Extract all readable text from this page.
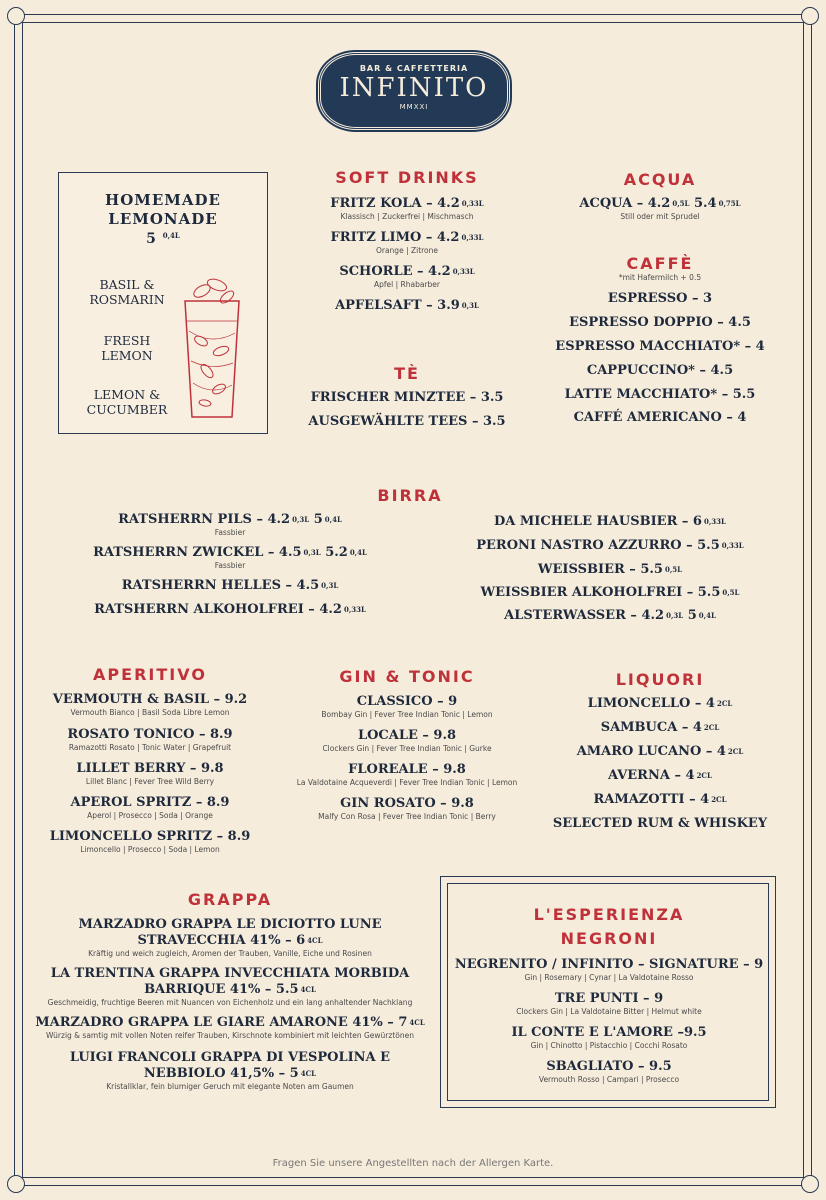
BAR & CAFFETTERIA
INFINITO
MMXXI
HOMEMADE
LEMONADE
5 $^{0,4L}$
BASIL &
ROSMARIN
FRESH
LEMON
LEMON &
CUCUMBER
SOFT DRINKS
FRITZ KOLA – 4.2 $^{0,33L}$
Klassisch | Zuckerfrei | Mischmasch
FRITZ LIMO – 4.2 $^{0,33L}$
Orange | Zitrone
SCHORLE – 4.2 $^{0,33L}$
Apfel | Rhabarber
APFELSAFT – 3.9 $^{0,3L}$
TÈ
FRISCHER MINZTEE – 3.5
AUSGEWÄHLTE TEES – 3.5
ACQUA
ACQUA – 4.2 $^{0,5L}$ 5.4 $^{0,75L}$
Still oder mit Sprudel
CAFFÈ
*mit Hafermilch + 0.5
ESPRESSO – 3
ESPRESSO DOPPIO – 4.5
ESPRESSO MACCHIATO* – 4
CAPPUCCINO* – 4.5
LATTE MACCHIATO* – 5.5
CAFFÉ AMERICANO – 4
BIRRA
RATSHERRN PILS – 4.2 $^{0,3L}$ 5 $^{0,4L}$
Fassbier
RATSHERRN ZWICKEL – 4.5 $^{0,3L}$ 5.2 $^{0,4L}$
Fassbier
RATSHERRN HELLES – 4.5 $^{0,3L}$
RATSHERRN ALKOHOLFREI – 4.2 $^{0,33L}$
DA MICHELE HAUSBIER – 6 $^{0,33L}$
PERONI NASTRO AZZURRO – 5.5 $^{0,33L}$
WEISSBIER – 5.5 $^{0,5L}$
WEISSBIER ALKOHOLFREI – 5.5 $^{0,5L}$
ALSTERWASSER – 4.2 $^{0,3L}$ 5 $^{0,4L}$
APERITIVO
VERMOUTH & BASIL – 9.2
Vermouth Bianco | Basil Soda Libre Lemon
ROSATO TONICO – 8.9
Ramazotti Rosato | Tonic Water | Grapefruit
LILLET BERRY – 9.8
Lillet Blanc | Fever Tree Wild Berry
APEROL SPRITZ – 8.9
Aperol | Prosecco | Soda | Orange
LIMONCELLO SPRITZ – 8.9
Limoncello | Prosecco | Soda | Lemon
GIN & TONIC
CLASSICO – 9
Bombay Gin | Fever Tree Indian Tonic | Lemon
LOCALE – 9.8
Clockers Gin | Fever Tree Indian Tonic | Gurke
FLOREALE – 9.8
La Valdotaine Acqueverdi | Fever Tree Indian Tonic | Lemon
GIN ROSATO – 9.8
Malfy Con Rosa | Fever Tree Indian Tonic | Berry
LIQUORI
LIMONCELLO – 4 $^{2CL}$
SAMBUCA – 4 $^{2CL}$
AMARO LUCANO – 4 $^{2CL}$
AVERNA – 4 $^{2CL}$
RAMAZOTTI – 4 $^{2CL}$
SELECTED RUM & WHISKEY
GRAPPA
MARZADRO GRAPPA LE DICIOTTO LUNE
STRAVECCHIA 41% – 6 $^{4CL}$
Kräftig und weich zugleich, Aromen der Trauben, Vanille, Eiche und Rosinen
LA TRENTINA GRAPPA INVECCHIATA MORBIDA
BARRIQUE 41% – 5.5 $^{4CL}$
Geschmeidig, fruchtige Beeren mit Nuancen von Eichenholz und ein lang anhaltender Nachklang
MARZADRO GRAPPA LE GIARE AMARONE 41% – 7 $^{4CL}$
Würzig & samtig mit vollen Noten reifer Trauben, Kirschnote kombiniert mit leichten Gewürztönen
LUIGI FRANCOLI GRAPPA DI VESPOLINA E
NEBBIOLO 41,5% – 5 $^{4CL}$
Kristallklar, fein blumiger Geruch mit elegante Noten am Gaumen
L'ESPERIENZA
NEGRONI
NEGRENITO / INFINITO – SIGNATURE – 9
Gin | Rosemary | Cynar | La Valdotaine Rosso
TRE PUNTI – 9
Clockers Gin | La Valdotaine Bitter | Helmut white
IL CONTE E L'AMORE –9.5
Gin | Chinotto | Pistacchio | Cocchi Rosato
SBAGLIATO – 9.5
Vermouth Rosso | Campari | Prosecco
Fragen Sie unsere Angestellten nach der Allergen Karte.
